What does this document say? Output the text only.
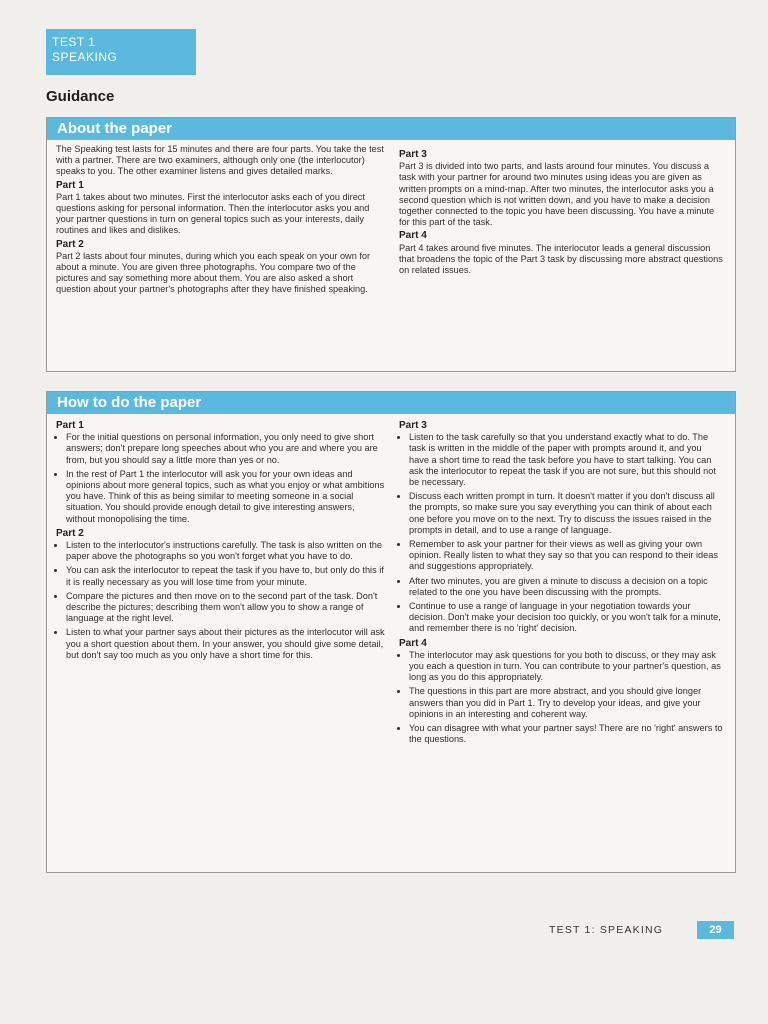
TEST 1
SPEAKING
Guidance
About the paper

The Speaking test lasts for 15 minutes and there are four parts. You take the test with a partner. There are two examiners, although only one (the interlocutor) speaks to you. The other examiner listens and gives detailed marks.

Part 1

Part 1 takes about two minutes. First the interlocutor asks each of you direct questions asking for personal information. Then the interlocutor asks you and your partner questions in turn on general topics such as your interests, daily routines and likes and dislikes.

Part 2

Part 2 lasts about four minutes, during which you each speak on your own for about a minute. You are given three photographs. You compare two of the pictures and say something more about them. You are also asked a short question about your partner's photographs after they have finished speaking.

Part 3

Part 3 is divided into two parts, and lasts around four minutes. You discuss a task with your partner for around two minutes using ideas you are given as written prompts on a mind-map. After two minutes, the interlocutor asks you a second question which is not written down, and you have to make a decision together connected to the topic you have been discussing. You have a minute for this part of the task.

Part 4

Part 4 takes around five minutes. The interlocutor leads a general discussion that broadens the topic of the Part 3 task by discussing more abstract questions on related issues.

How to do the paper
Part 1
• For the initial questions on personal information, you only need to give short answers; don't prepare long speeches about who you are and where you are from, but you should say a little more than yes or no.
• In the rest of Part 1 the interlocutor will ask you for your own ideas and opinions about more general topics, such as what you enjoy or what ambitions you have. Think of this as being similar to meeting someone in a social situation. You should provide enough detail to give interesting answers, without monopolising the time.
Part 2
• Listen to the interlocutor's instructions carefully. The task is also written on the paper above the photographs so you won't forget what you have to do.
• You can ask the interlocutor to repeat the task if you have to, but only do this if it is really necessary as you will lose time from your minute.
• Compare the pictures and then move on to the second part of the task. Don't describe the pictures; describing them won't allow you to show a range of language at the right level.
• Listen to what your partner says about their pictures as the interlocutor will ask you a short question about them. In your answer, you should give some detail, but don't say too much as you only have a short time for this.
Part 3
• Listen to the task carefully so that you understand exactly what to do. The task is written in the middle of the paper with prompts around it, and you have a short time to read the task before you have to start talking. You can ask the interlocutor to repeat the task if you are not sure, but this should not be necessary.
• Discuss each written prompt in turn. It doesn't matter if you don't discuss all the prompts, so make sure you say everything you can think of about each one before you move on to the next. Try to discuss the issues raised in the prompts in detail, and to use a range of language.
• Remember to ask your partner for their views as well as giving your own opinion. Really listen to what they say so that you can respond to their ideas and suggestions appropriately.
• After two minutes, you are given a minute to discuss a decision on a topic related to the one you have been discussing with the prompts.
• Continue to use a range of language in your negotiation towards your decision. Don't make your decision too quickly, or you won't talk for a minute, and remember there is no 'right' decision.
Part 4
• The interlocutor may ask questions for you both to discuss, or they may ask you each a question in turn. You can contribute to your partner's question, as long as you do this appropriately.
• The questions in this part are more abstract, and you should give longer answers than you did in Part 1. Try to develop your ideas, and give your opinions in an interesting and coherent way.
• You can disagree with what your partner says! There are no 'right' answers to the questions.
TEST 1: SPEAKING	29
